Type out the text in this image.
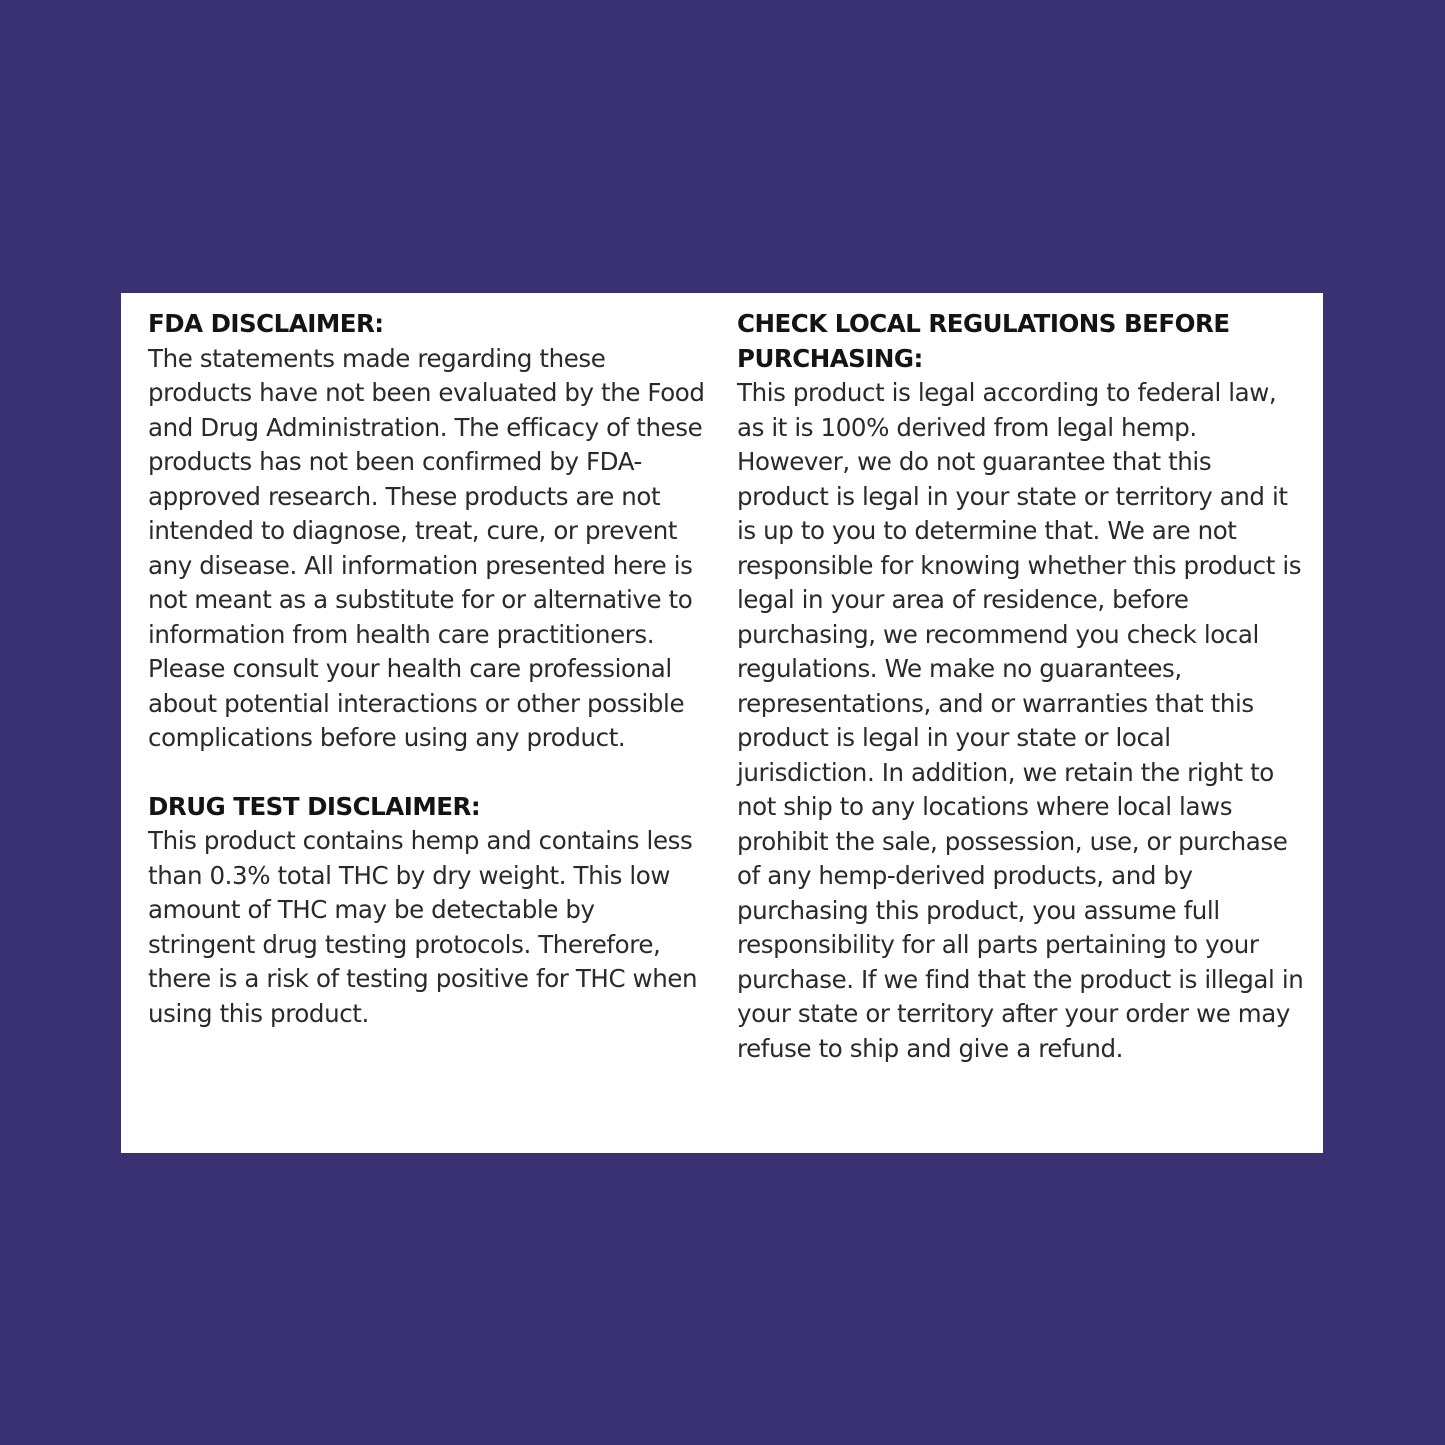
FDA DISCLAIMER:

The statements made regarding these products have not been evaluated by the Food and Drug Administration. The efficacy of these products has not been confirmed by FDA-approved research. These products are not intended to diagnose, treat, cure, or prevent any disease. All information presented here is not meant as a substitute for or alternative to information from health care practitioners. Please consult your health care professional about potential interactions or other possible complications before using any product.

DRUG TEST DISCLAIMER:

This product contains hemp and contains less than 0.3% total THC by dry weight. This low amount of THC may be detectable by stringent drug testing protocols. Therefore, there is a risk of testing positive for THC when using this product.

CHECK LOCAL REGULATIONS BEFORE PURCHASING:

This product is legal according to federal law, as it is 100% derived from legal hemp. However, we do not guarantee that this product is legal in your state or territory and it is up to you to determine that. We are not responsible for knowing whether this product is legal in your area of residence, before purchasing, we recommend you check local regulations. We make no guarantees, representations, and or warranties that this product is legal in your state or local jurisdiction. In addition, we retain the right to not ship to any locations where local laws prohibit the sale, possession, use, or purchase of any hemp-derived products, and by purchasing this product, you assume full responsibility for all parts pertaining to your purchase. If we find that the product is illegal in your state or territory after your order we may refuse to ship and give a refund.
